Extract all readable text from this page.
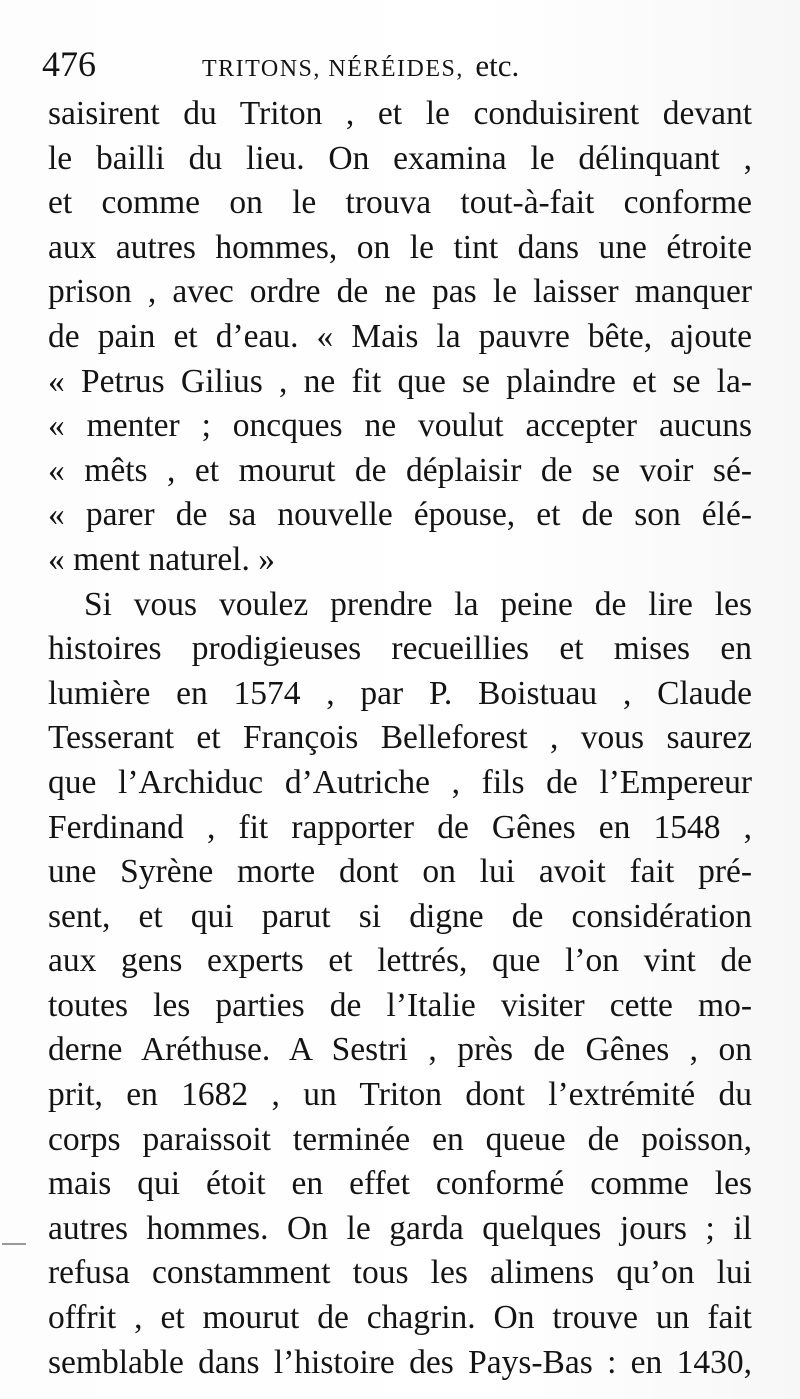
476	TRITONS, NÉRÉIDES, etc.
saisirent du Triton , et le conduisirent devant
le bailli du lieu. On examina le délinquant ,
et comme on le trouva tout-à-fait conforme
aux autres hommes, on le tint dans une étroite
prison , avec ordre de ne pas le laisser manquer
de pain et d’eau. « Mais la pauvre bête, ajoute
« Petrus Gilius , ne fit que se plaindre et se la-
« menter ; oncques ne voulut accepter aucuns
« mêts , et mourut de déplaisir de se voir sé-
« parer de sa nouvelle épouse, et de son élé-
« ment naturel. »
Si vous voulez prendre la peine de lire les
histoires prodigieuses recueillies et mises en
lumière en 1574 , par P. Boistuau , Claude
Tesserant et François Belleforest , vous saurez
que l’Archiduc d’Autriche , fils de l’Empereur
Ferdinand , fit rapporter de Gênes en 1548 ,
une Syrène morte dont on lui avoit fait pré-
sent, et qui parut si digne de considération
aux gens experts et lettrés, que l’on vint de
toutes les parties de l’Italie visiter cette mo-
derne Aréthuse. A Sestri , près de Gênes , on
prit, en 1682 , un Triton dont l’extrémité du
corps paraissoit terminée en queue de poisson,
mais qui étoit en effet conformé comme les
autres hommes. On le garda quelques jours ; il
refusa constamment tous les alimens qu’on lui
offrit , et mourut de chagrin. On trouve un fait
semblable dans l’histoire des Pays-Bas : en 1430,
